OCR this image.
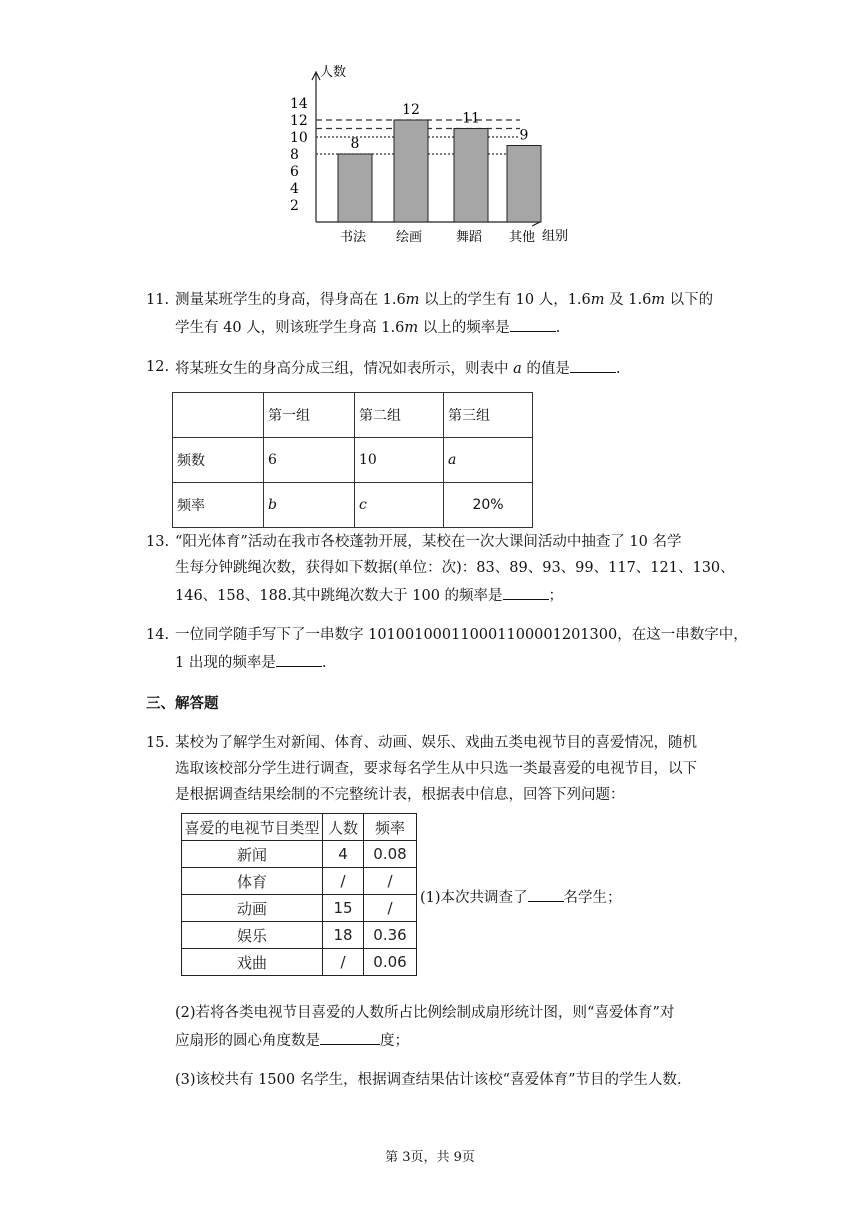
人数
组别
2
4
6
8
10
12
14
8
书法
12
绘画
11
舞蹈
9
其他
11. 测量某班学生的身高，得身高在 1.6m 以上的学生有 10 人，1.6m 及 1.6m 以下的
学生有 40 人，则该班学生身高 1.6m 以上的频率是	.
12. 将某班女生的身高分成三组，情况如表所示，则表中 a 的值是	.
	第一组	第二组	第三组
频数	6	10	a
频率	b	c	20%
13. “阳光体育”活动在我市各校蓬勃开展，某校在一次大课间活动中抽查了 10 名学
生每分钟跳绳次数，获得如下数据(单位：次)：83、89、93、99、117、121、130、
146、158、188.其中跳绳次数大于 100 的频率是	；
14. 一位同学随手写下了一串数字 101001000110001100001201300，在这一串数字中，
1 出现的频率是	.
三、解答题
15. 某校为了解学生对新闻、体育、动画、娱乐、戏曲五类电视节目的喜爱情况，随机
选取该校部分学生进行调查，要求每名学生从中只选一类最喜爱的电视节目，以下
是根据调查结果绘制的不完整统计表，根据表中信息，回答下列问题：
喜爱的电视节目类型	人数	频率
新闻	4	0.08
体育	/	/
动画	15	/
娱乐	18	0.36
戏曲	/	0.06
(1)本次共调查了 名学生；
(2)若将各类电视节目喜爱的人数所占比例绘制成扇形统计图，则“喜爱体育”对
应扇形的圆心角度数是	度；
(3)该校共有 1500 名学生，根据调查结果估计该校“喜爱体育”节目的学生人数.
第 3页，共 9页
